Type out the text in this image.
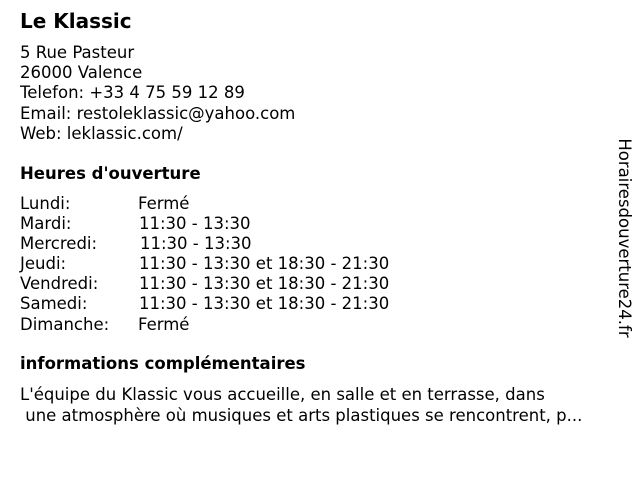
Le Klassic
5 Rue Pasteur
26000 Valence
Telefon: +33 4 75 59 12 89
Email: restoleklassic@yahoo.com
Web: leklassic.com/
Heures d'ouverture
Lundi:	Fermé
Mardi:	11:30 - 13:30
Mercredi:	11:30 - 13:30
Jeudi:	11:30 - 13:30 et 18:30 - 21:30
Vendredi: 11:30 - 13:30 et 18:30 - 21:30
Samedi:	11:30 - 13:30 et 18:30 - 21:30
Dimanche: Fermé
informations complémentaires
L'équipe du Klassic vous accueille, en salle et en terrasse, dans
une atmosphère où musiques et arts plastiques se rencontrent, p...
Horairesdouverture24.fr
